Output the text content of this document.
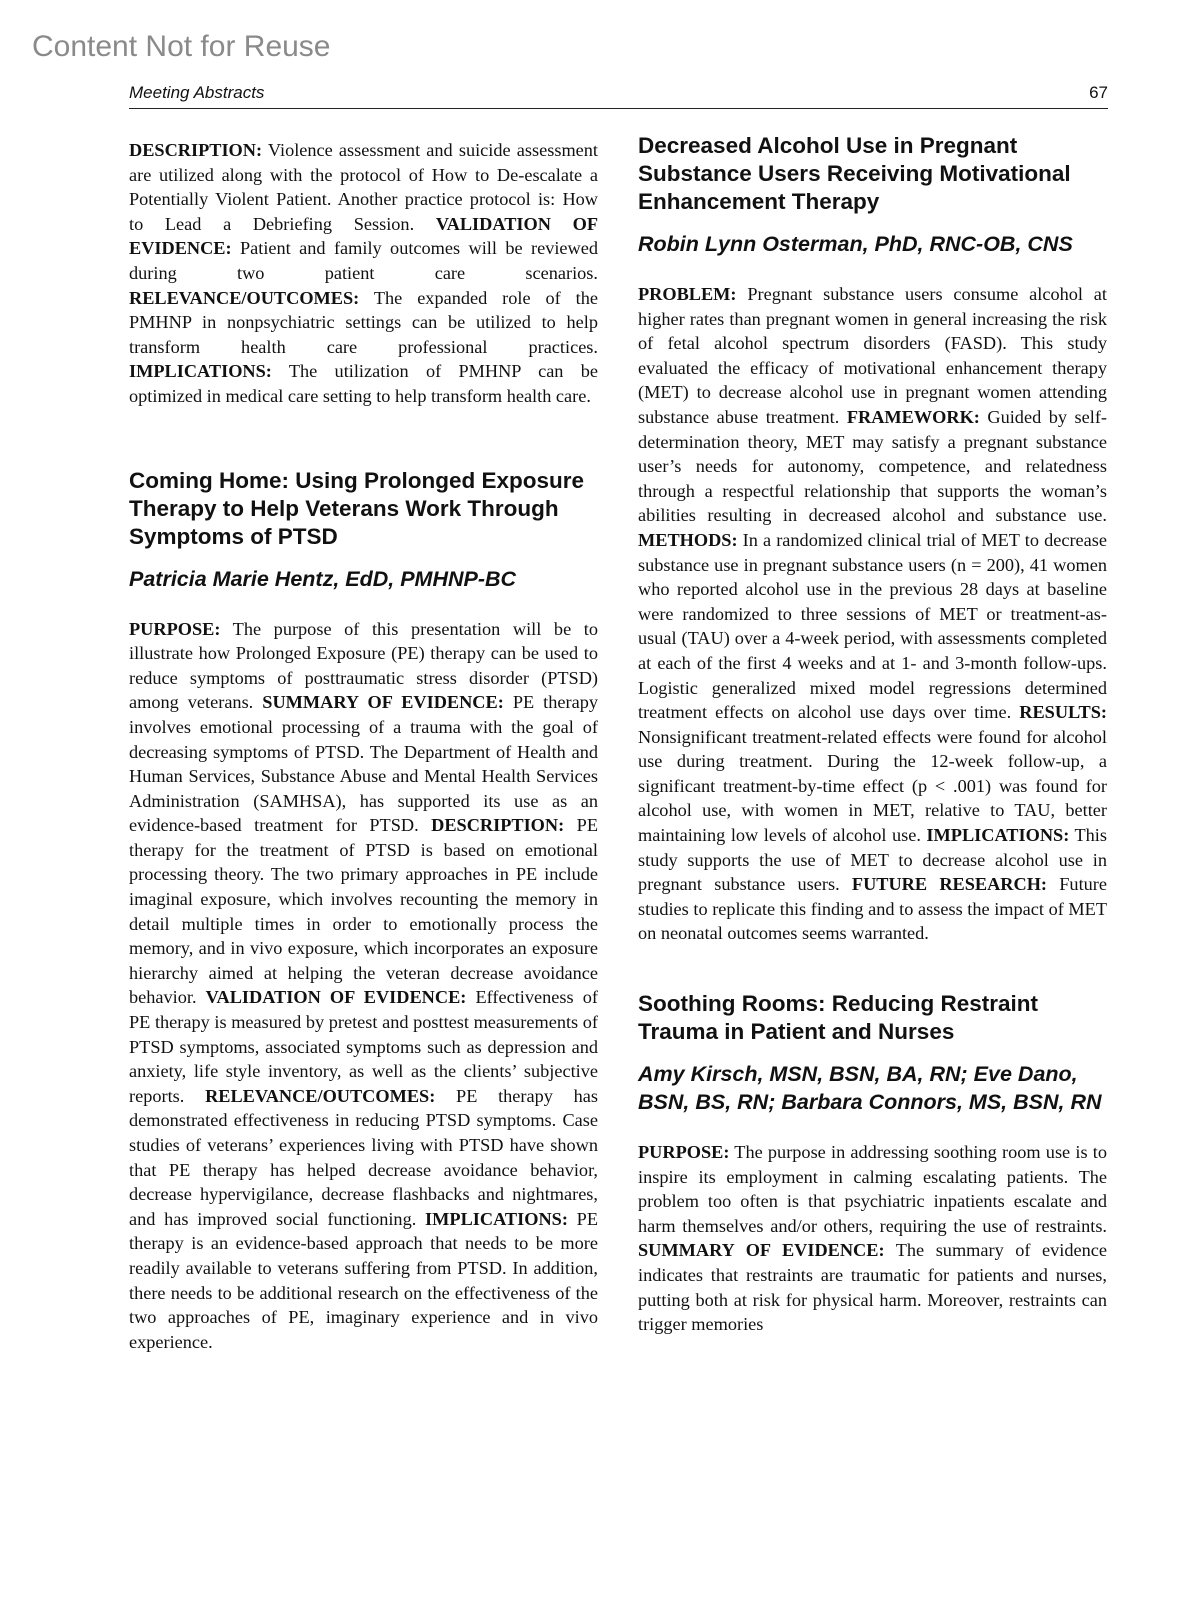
Content Not for Reuse
Meeting Abstracts	67

DESCRIPTION: Violence assessment and suicide assessment are utilized along with the protocol of How to De-escalate a Potentially Violent Patient. Another practice protocol is: How to Lead a Debriefing Session. VALIDATION OF EVIDENCE: Patient and family outcomes will be reviewed during two patient care scenarios. RELEVANCE/OUTCOMES: The expanded role of the PMHNP in nonpsychiatric settings can be utilized to help transform health care professional practices. IMPLICATIONS: The utilization of PMHNP can be optimized in medical care setting to help transform health care.

Coming Home: Using Prolonged Exposure Therapy to Help Veterans Work Through Symptoms of PTSD
Patricia Marie Hentz, EdD, PMHNP-BC

PURPOSE: The purpose of this presentation will be to illustrate how Prolonged Exposure (PE) therapy can be used to reduce symptoms of posttraumatic stress disorder (PTSD) among veterans. SUMMARY OF EVIDENCE: PE therapy involves emotional processing of a trauma with the goal of decreasing symptoms of PTSD. The Department of Health and Human Services, Substance Abuse and Mental Health Services Administration (SAMHSA), has supported its use as an evidence-based treatment for PTSD. DESCRIPTION: PE therapy for the treatment of PTSD is based on emotional processing theory. The two primary approaches in PE include imaginal exposure, which involves recounting the memory in detail multiple times in order to emotionally process the memory, and in vivo exposure, which incorporates an exposure hierarchy aimed at helping the veteran decrease avoidance behavior. VALIDATION OF EVIDENCE: Effectiveness of PE therapy is measured by pretest and posttest measurements of PTSD symptoms, associated symptoms such as depression and anxiety, life style inventory, as well as the clients’ subjective reports. RELEVANCE/OUTCOMES: PE therapy has demonstrated effectiveness in reducing PTSD symptoms. Case studies of veterans’ experiences living with PTSD have shown that PE therapy has helped decrease avoidance behavior, decrease hypervigilance, decrease flashbacks and nightmares, and has improved social functioning. IMPLICATIONS: PE therapy is an evidence-based approach that needs to be more readily available to veterans suffering from PTSD. In addition, there needs to be additional research on the effectiveness of the two approaches of PE, imaginary experience and in vivo experience.

Decreased Alcohol Use in Pregnant Substance Users Receiving Motivational Enhancement Therapy
Robin Lynn Osterman, PhD, RNC-OB, CNS

PROBLEM: Pregnant substance users consume alcohol at higher rates than pregnant women in general increasing the risk of fetal alcohol spectrum disorders (FASD). This study evaluated the efficacy of motivational enhancement therapy (MET) to decrease alcohol use in pregnant women attending substance abuse treatment. FRAMEWORK: Guided by self-determination theory, MET may satisfy a pregnant substance user’s needs for autonomy, competence, and relatedness through a respectful relationship that supports the woman’s abilities resulting in decreased alcohol and substance use. METHODS: In a randomized clinical trial of MET to decrease substance use in pregnant substance users (n = 200), 41 women who reported alcohol use in the previous 28 days at baseline were randomized to three sessions of MET or treatment-as-usual (TAU) over a 4-week period, with assessments completed at each of the first 4 weeks and at 1- and 3-month follow-ups. Logistic generalized mixed model regressions determined treatment effects on alcohol use days over time. RESULTS: Nonsignificant treatment-related effects were found for alcohol use during treatment. During the 12-week follow-up, a significant treatment-by-time effect (p < .001) was found for alcohol use, with women in MET, relative to TAU, better maintaining low levels of alcohol use. IMPLICATIONS: This study supports the use of MET to decrease alcohol use in pregnant substance users. FUTURE RESEARCH: Future studies to replicate this finding and to assess the impact of MET on neonatal outcomes seems warranted.

Soothing Rooms: Reducing Restraint Trauma in Patient and Nurses
Amy Kirsch, MSN, BSN, BA, RN; Eve Dano, BSN, BS, RN; Barbara Connors, MS, BSN, RN

PURPOSE: The purpose in addressing soothing room use is to inspire its employment in calming escalating patients. The problem too often is that psychiatric inpatients escalate and harm themselves and/or others, requiring the use of restraints. SUMMARY OF EVIDENCE: The summary of evidence indicates that restraints are traumatic for patients and nurses, putting both at risk for physical harm. Moreover, restraints can trigger memories
